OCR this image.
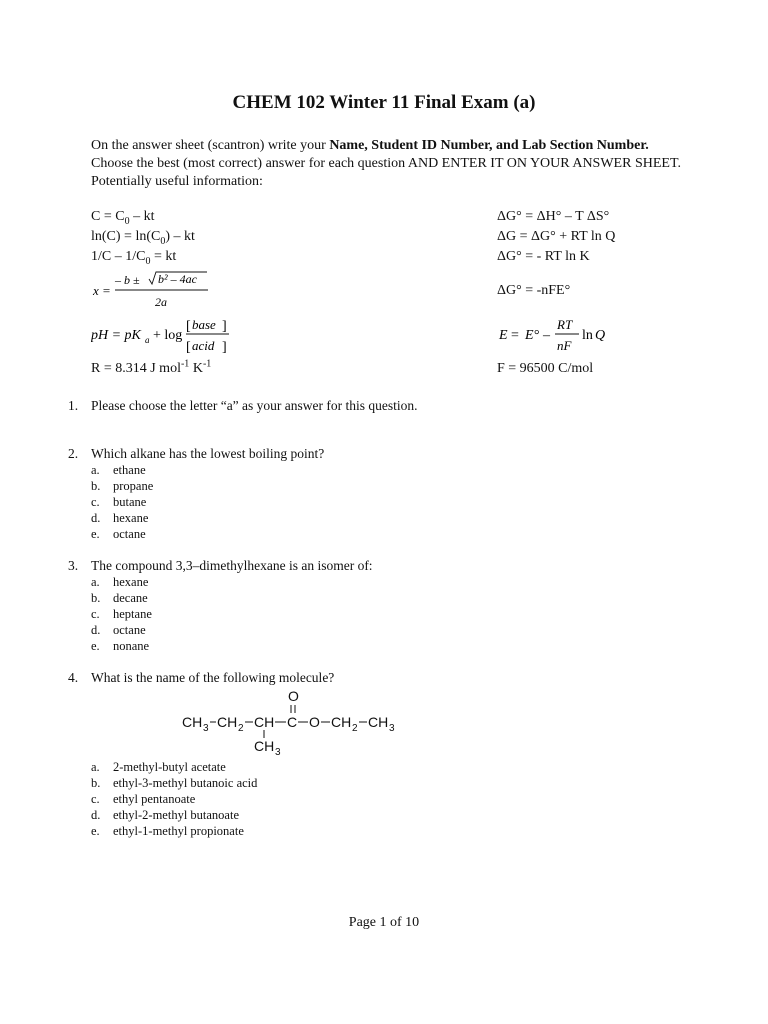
CHEM 102 Winter 11 Final Exam (a)
On the answer sheet (scantron) write your Name, Student ID Number, and Lab Section Number. Choose the best (most correct) answer for each question AND ENTER IT ON YOUR ANSWER SHEET.
Potentially useful information:
$C = C_0$ – kt
$\ln(C) = \ln(C_0)$ – kt
$1/C - 1/C_0$ = kt
x =
– b ± b² – 4ac
2a
pH = pK a + log
[ base ]
[ acid ]
R = 8.314 J mol$^{-1}$ $K^{-1}$
ΔG° = ΔH° – T ΔS°
ΔG = ΔG° + RT ln Q
ΔG° = - RT ln K
ΔG° = -nFE°
E = E° –
RT
nF
ln Q
F = 96500 C/mol
1. Please choose the letter “a” as your answer for this question.
2. Which alkane has the lowest boiling point?
a. ethane
b. propane
c. butane
d. hexane
e. octane
3. The compound 3,3–dimethylhexane is an isomer of:
a. hexane
b. decane
c. heptane
d. octane
e. nonane
4. What is the name of the following molecule?
O
CH 3 CH 2 CH C O CH 2 CH 3
CH 3
a. 2-methyl-butyl acetate
b. ethyl-3-methyl butanoic acid
c. ethyl pentanoate
d. ethyl-2-methyl butanoate
e. ethyl-1-methyl propionate
Page 1 of 10
